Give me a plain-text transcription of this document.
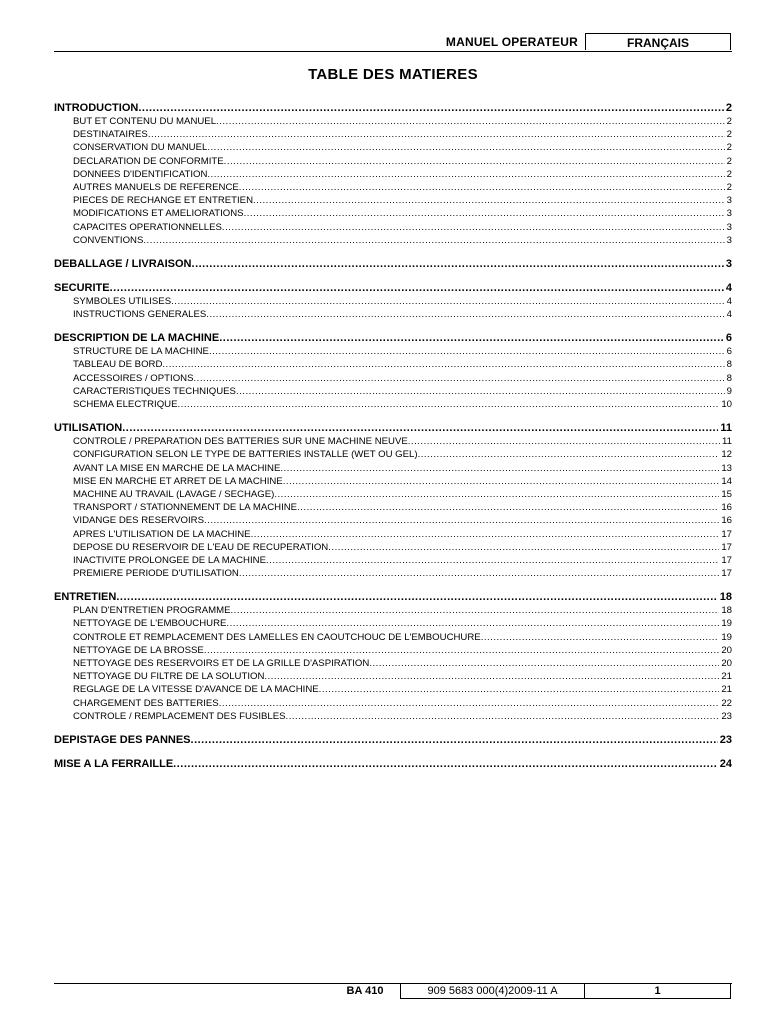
MANUEL OPERATEUR	FRANÇAIS
TABLE DES MATIERES
INTRODUCTION .....	2
BUT ET CONTENU DU MANUEL .....	2
DESTINATAIRES .....	2
CONSERVATION DU MANUEL .....	2
DECLARATION DE CONFORMITE .....	2
DONNEES D'IDENTIFICATION .....	2
AUTRES MANUELS DE REFERENCE .....	2
PIECES DE RECHANGE ET ENTRETIEN .....	3
MODIFICATIONS ET AMELIORATIONS .....	3
CAPACITES OPERATIONNELLES .....	3
CONVENTIONS .....	3
DEBALLAGE / LIVRAISON .....	3
SECURITE .....	4
SYMBOLES UTILISES .....	4
INSTRUCTIONS GENERALES .....	4
DESCRIPTION DE LA MACHINE .....	6
STRUCTURE DE LA MACHINE .....	6
TABLEAU DE BORD .....	8
ACCESSOIRES / OPTIONS .....	8
CARACTERISTIQUES TECHNIQUES .....	9
SCHEMA ELECTRIQUE .....	10
UTILISATION .....	11
CONTROLE / PREPARATION DES BATTERIES SUR UNE MACHINE NEUVE .....	11
CONFIGURATION SELON LE TYPE DE BATTERIES INSTALLE (WET OU GEL) .....	12
AVANT LA MISE EN MARCHE DE LA MACHINE .....	13
MISE EN MARCHE ET ARRET DE LA MACHINE .....	14
MACHINE AU TRAVAIL (LAVAGE / SECHAGE) .....	15
TRANSPORT / STATIONNEMENT DE LA MACHINE .....	16
VIDANGE DES RESERVOIRS .....	16
APRES L'UTILISATION DE LA MACHINE .....	17
DEPOSE DU RESERVOIR DE L'EAU DE RECUPERATION .....	17
INACTIVITE PROLONGEE DE LA MACHINE .....	17
PREMIERE PERIODE D'UTILISATION .....	17
ENTRETIEN .....	18
PLAN D'ENTRETIEN PROGRAMME .....	18
NETTOYAGE DE L'EMBOUCHURE .....	19
CONTROLE ET REMPLACEMENT DES LAMELLES EN CAOUTCHOUC DE L'EMBOUCHURE .....	19
NETTOYAGE DE LA BROSSE .....	20
NETTOYAGE DES RESERVOIRS ET DE LA GRILLE D'ASPIRATION .....	20
NETTOYAGE DU FILTRE DE LA SOLUTION .....	21
REGLAGE DE LA VITESSE D'AVANCE DE LA MACHINE .....	21
CHARGEMENT DES BATTERIES .....	22
CONTROLE / REMPLACEMENT DES FUSIBLES .....	23
DEPISTAGE DES PANNES .....	23
MISE A LA FERRAILLE .....	24
BA 410	909 5683 000(4)2009-11 A	1
